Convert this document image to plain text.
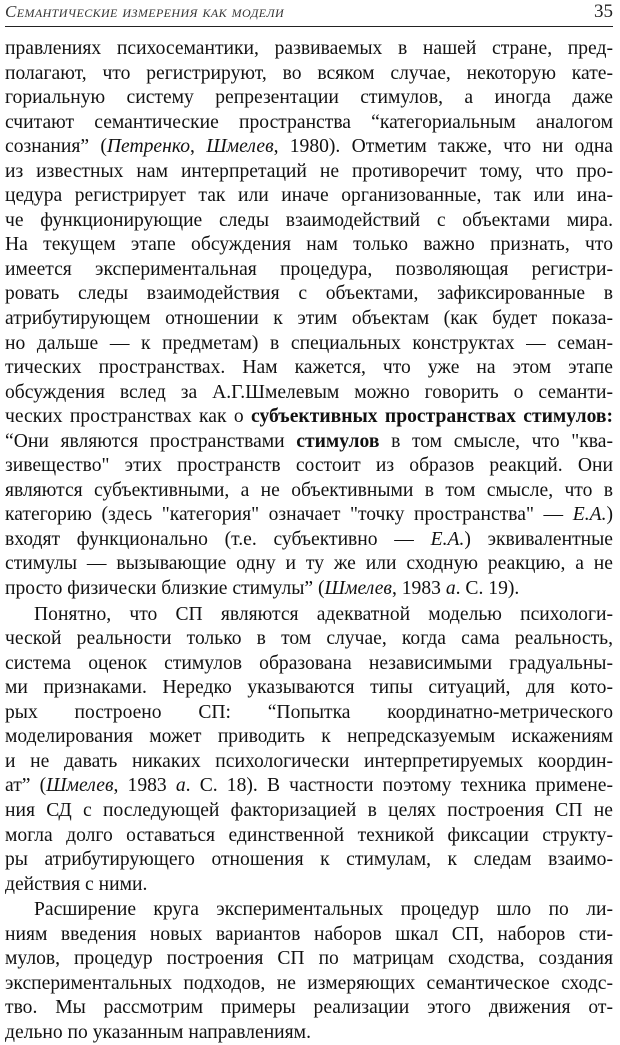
Семантические измерения как модели	35
правлениях психосемантики, развиваемых в нашей стране, пред-
полагают, что регистрируют, во всяком случае, некоторую кате-
гориальную систему репрезентации стимулов, а иногда даже
считают семантические пространства “категориальным аналогом
сознания” (Петренко, Шмелев, 1980). Отметим также, что ни одна
из известных нам интерпретаций не противоречит тому, что про-
цедура регистрирует так или иначе организованные, так или ина-
че функционирующие следы взаимодействий с объектами мира.
На текущем этапе обсуждения нам только важно признать, что
имеется экспериментальная процедура, позволяющая регистри-
ровать следы взаимодействия с объектами, зафиксированные в
атрибутирующем отношении к этим объектам (как будет показа-
но дальше — к предметам) в специальных конструктах — семан-
тических пространствах. Нам кажется, что уже на этом этапе
обсуждения вслед за А.Г.Шмелевым можно говорить о семанти-
ческих пространствах как о субъективных пространствах стимулов:
“Они являются пространствами стимулов в том смысле, что "ква-
зивещество" этих пространств состоит из образов реакций. Они
являются субъективными, а не объективными в том смысле, что в
категорию (здесь "категория" означает "точку пространства" — Е.А.)
входят функционально (т.е. субъективно — Е.А.) эквивалентные
стимулы — вызывающие одну и ту же или сходную реакцию, а не
просто физически близкие стимулы” (Шмелев, 1983 а. С. 19).
Понятно, что СП являются адекватной моделью психологи-
ческой реальности только в том случае, когда сама реальность,
система оценок стимулов образована независимыми градуальны-
ми признаками. Нередко указываются типы ситуаций, для кото-
рых построено СП: “Попытка координатно-метрического
моделирования может приводить к непредсказуемым искажениям
и не давать никаких психологически интерпретируемых координ-
ат” (Шмелев, 1983 а. С. 18). В частности поэтому техника примене-
ния СД с последующей факторизацией в целях построения СП не
могла долго оставаться единственной техникой фиксации структу-
ры атрибутирующего отношения к стимулам, к следам взаимо-
действия с ними.
Расширение круга экспериментальных процедур шло по ли-
ниям введения новых вариантов наборов шкал СП, наборов сти-
мулов, процедур построения СП по матрицам сходства, создания
экспериментальных подходов, не измеряющих семантическое сходс-
тво. Мы рассмотрим примеры реализации этого движения от-
дельно по указанным направлениям.
